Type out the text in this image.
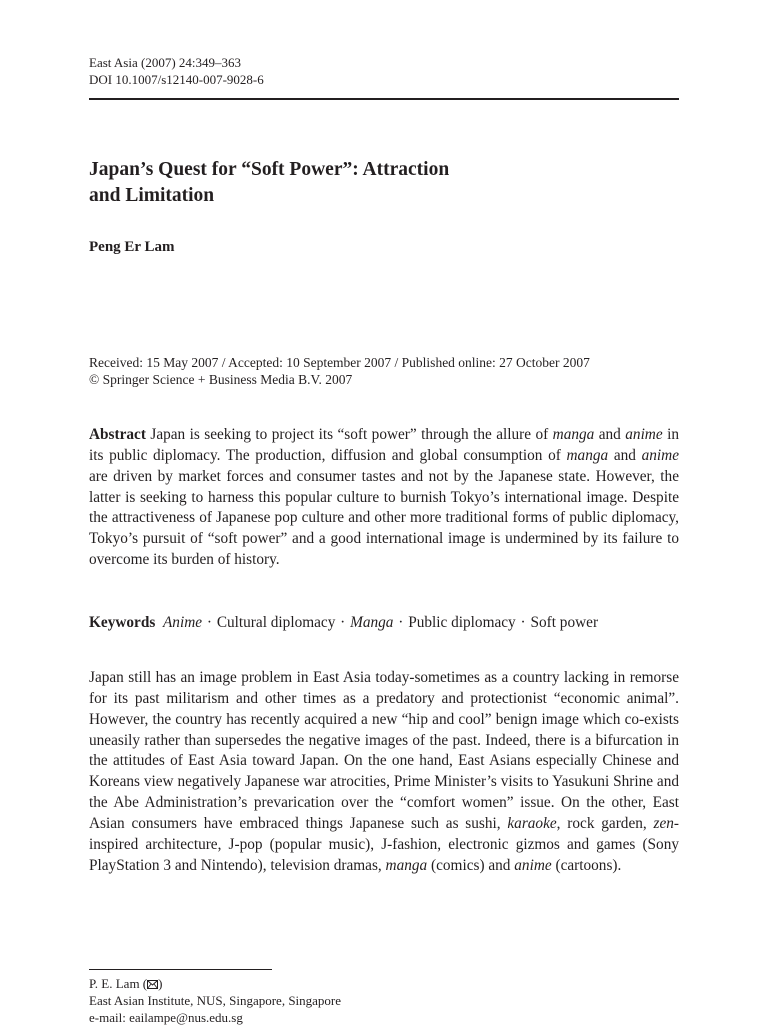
East Asia (2007) 24:349–363
DOI 10.1007/s12140-007-9028-6
Japan’s Quest for “Soft Power”: Attraction
and Limitation
Peng Er Lam
Received: 15 May 2007 / Accepted: 10 September 2007 / Published online: 27 October 2007
© Springer Science + Business Media B.V. 2007
Abstract Japan is seeking to project its “soft power” through the allure of manga and anime in its public diplomacy. The production, diffusion and global consumption of manga and anime are driven by market forces and consumer tastes and not by the Japanese state. However, the latter is seeking to harness this popular culture to burnish Tokyo’s international image. Despite the attractiveness of Japanese pop culture and other more traditional forms of public diplomacy, Tokyo’s pursuit of “soft power” and a good international image is undermined by its failure to overcome its burden of history.
Keywords Anime · Cultural diplomacy · Manga · Public diplomacy · Soft power
Japan still has an image problem in East Asia today-sometimes as a country lacking in remorse for its past militarism and other times as a predatory and protectionist “economic animal”. However, the country has recently acquired a new “hip and cool” benign image which co-exists uneasily rather than supersedes the negative images of the past. Indeed, there is a bifurcation in the attitudes of East Asia toward Japan. On the one hand, East Asians especially Chinese and Koreans view negatively Japanese war atrocities, Prime Minister’s visits to Yasukuni Shrine and the Abe Administration’s prevarication over the “comfort women” issue. On the other, East Asian consumers have embraced things Japanese such as sushi, karaoke, rock garden, zen-inspired architecture, J-pop (popular music), J-fashion, electronic gizmos and games (Sony PlayStation 3 and Nintendo), television dramas, manga (comics) and anime (cartoons).
P. E. Lam ( )
East Asian Institute, NUS, Singapore, Singapore
e-mail: eailampe@nus.edu.sg
